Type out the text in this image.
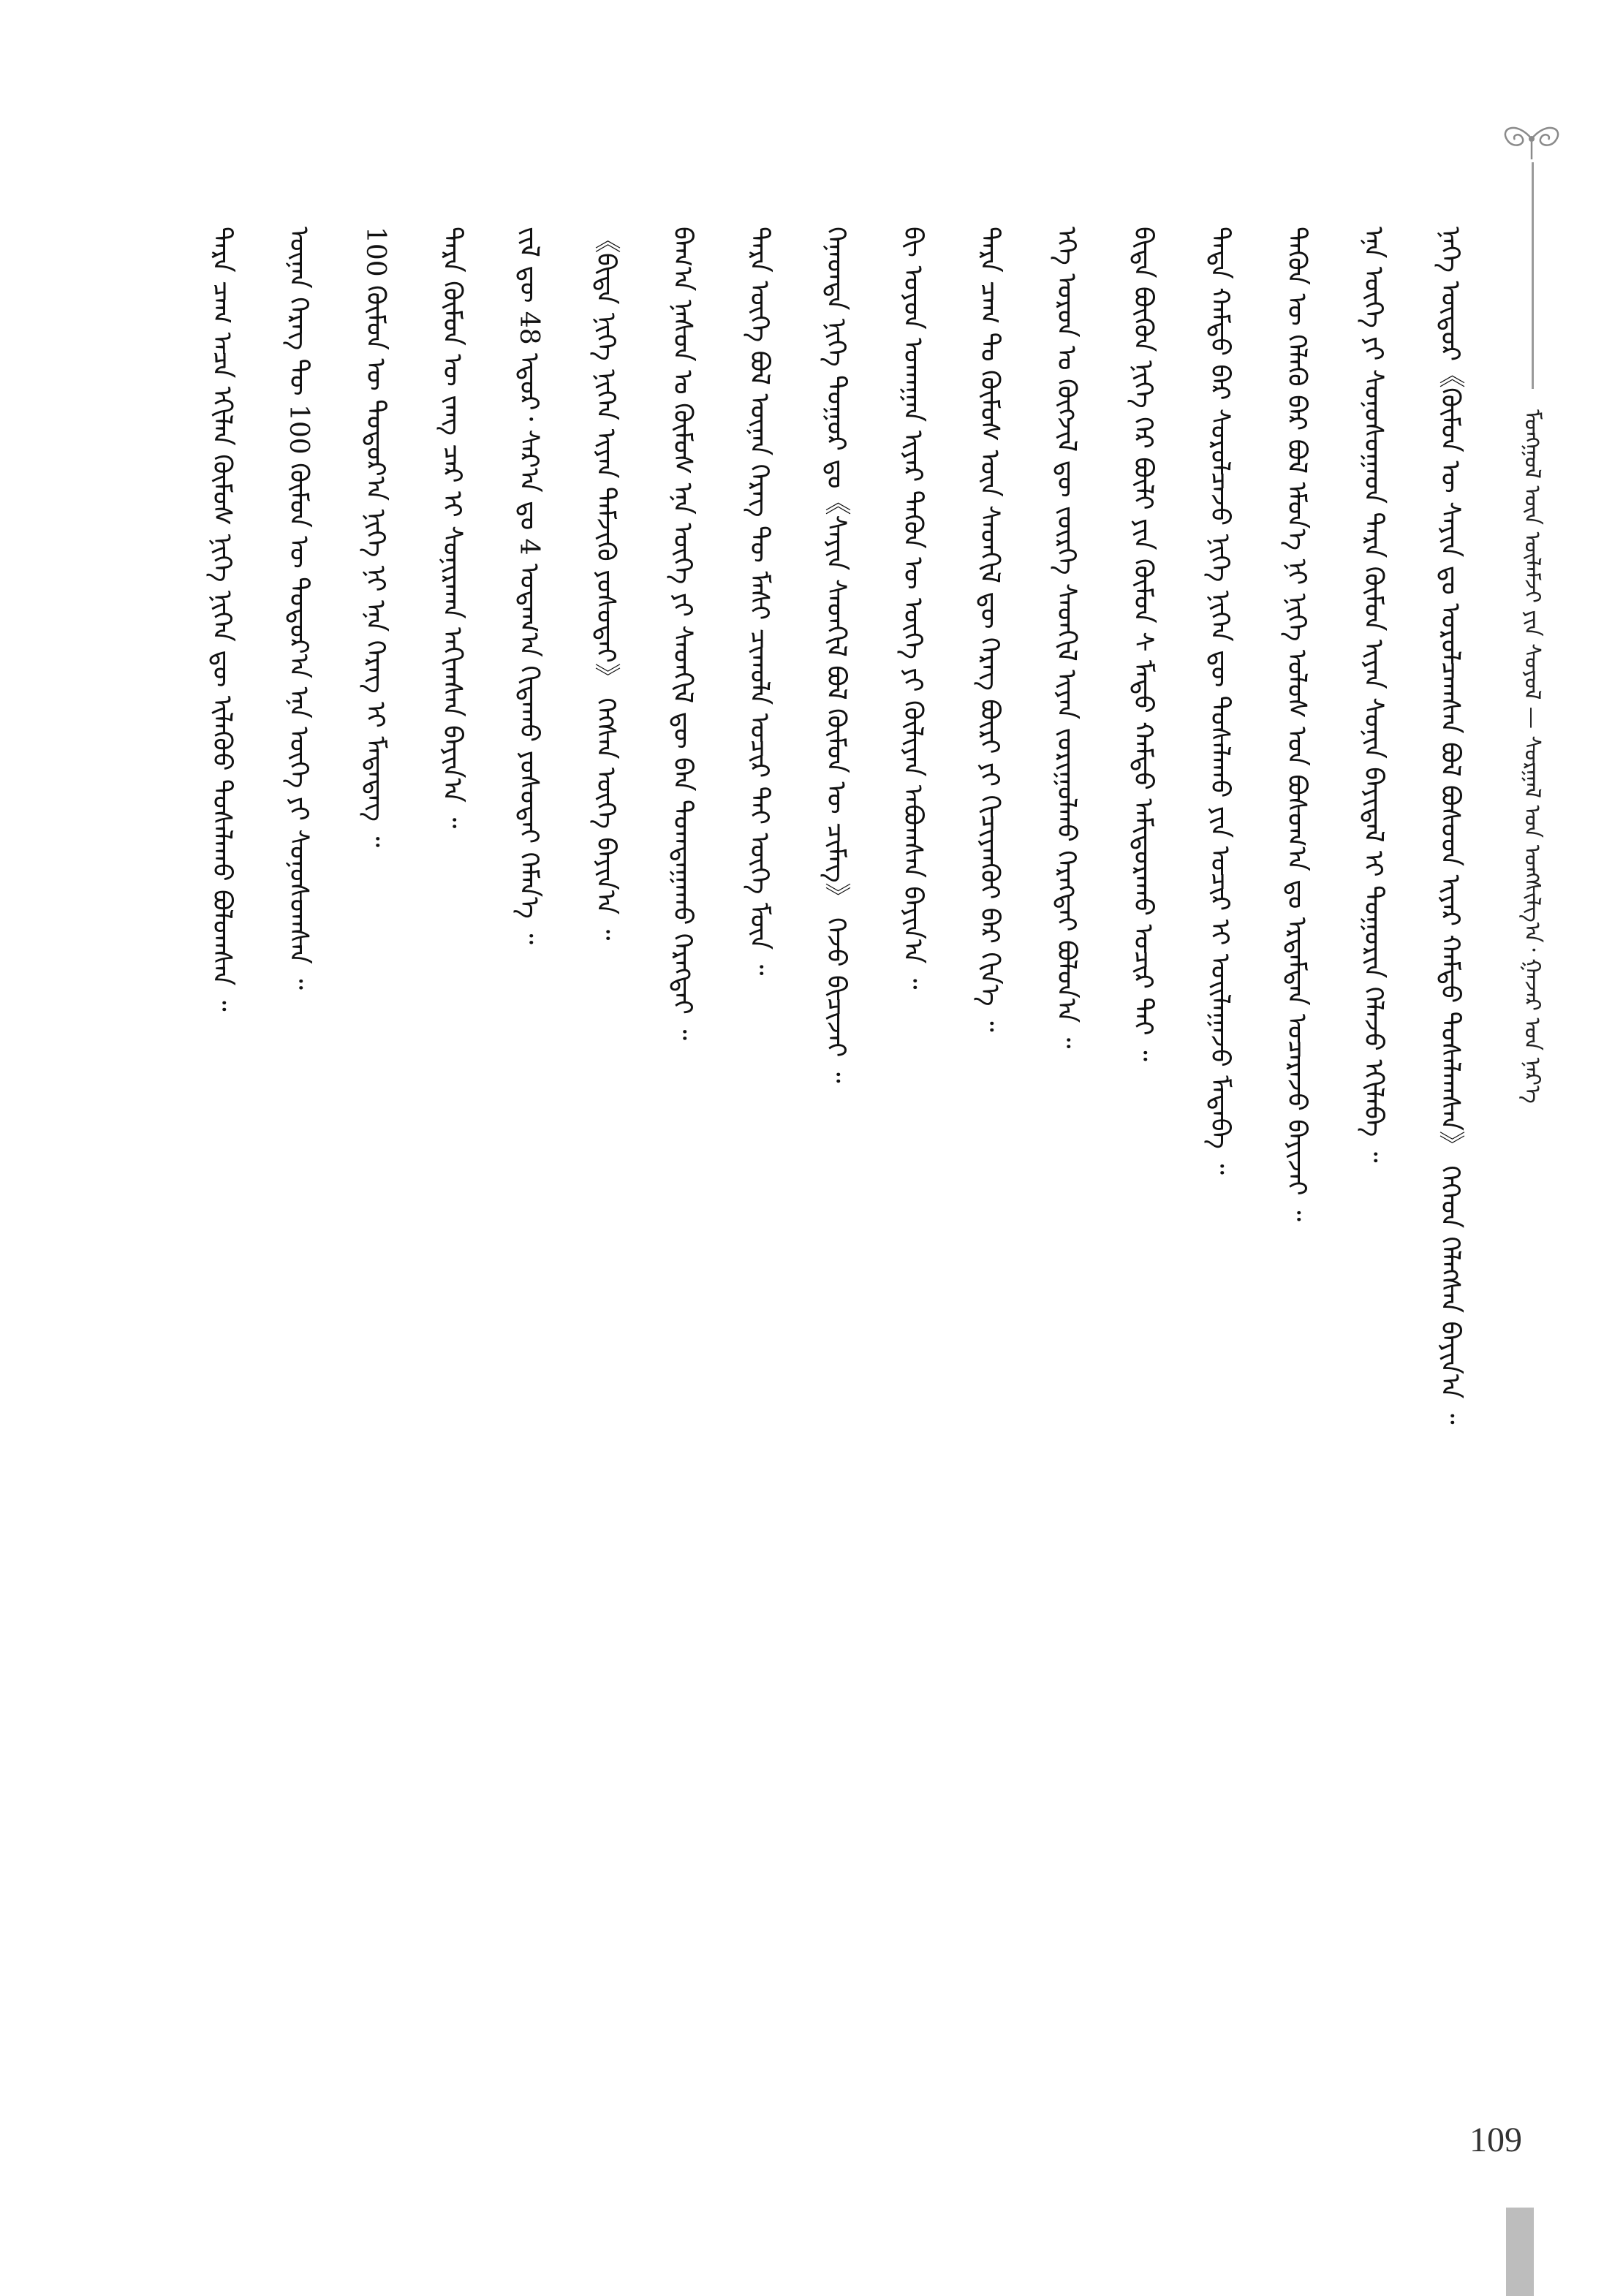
ᠮᠣᠩᠭᠣᠯ ᠦᠨ ᠦᠯᠡᠮᠵᠢ ᠶᠢᠨ ᠰᠣᠶᠣᠯ — ᠰᠤᠷᠭᠠᠯ ᠤᠨ ᠤᠩᠰᠢᠯᠭ᠎ᠠ᠂ ᠭᠠᠵᠠᠷ ᠤᠨ ᠨᠡᠷ᠎ᠡ
ᠨᠡᠭᠡ ᠦᠳᠦᠷ《ᠬᠦᠮᠦᠨ ᠦ ᠰᠠᠶᠢᠨ ᠳᠤ ᠤᠷᠤᠯᠴᠠᠭᠰᠠᠨ ᠪᠣᠯ ᠪᠤᠰᠤᠳ ᠢᠶᠠᠷ ᠬᠠᠮᠳᠤ ᠲᠤᠰᠠᠯᠠᠭᠰᠠᠨ》 ᠭᠡᠭᠡᠳ ᠬᠡᠯᠡᠭᠰᠡᠨ ᠪᠠᠶᠢᠨ᠎ᠠ ᠃
ᠡᠨᠡ ᠦᠭᠡ ᠶᠢ ᠰᠣᠨᠣᠰᠣᠭᠠᠳ ᠲᠡᠷᠡ ᠬᠦᠮᠦᠨ ᠢᠶᠡᠨ ᠰᠣᠨᠢᠨ ᠪᠠᠶᠢᠳᠠᠯ ᠢ ᠲᠣᠭᠣᠷᠢᠨ ᠬᠡᠯᠡᠵᠦ ᠡᠬᠢᠯᠡᠪᠡ ᠃
ᠲᠡᠭᠦᠨ ᠦ ᠬᠡᠯᠡᠬᠦ ᠪᠡᠷ ᠪᠣᠯ ᠡᠮᠦᠨ᠎ᠡ ᠨᠢ ᠨᠢᠭᠡ ᠤᠯᠤᠰ ᠤᠨ ᠪᠣᠰᠣᠭ᠎ᠠ ᠳᠤ ᠡᠷᠳᠡᠮᠳᠡᠨ ᠤᠴᠠᠷᠠᠵᠤ ᠪᠠᠶᠢᠵᠠᠢ ᠃
ᠲᠡᠳᠡ ᠬᠠᠮᠲᠤ ᠪᠡᠷ ᠰᠤᠷᠤᠯᠴᠠᠵᠤ ᠨᠢᠭᠡ ᠨᠢᠭᠡᠨ ᠳᠦ ᠲᠤᠰᠠᠯᠠᠬᠤ ᠶᠢᠨ ᠤᠴᠢᠷ ᠢ ᠣᠢᠯᠠᠭᠠᠵᠤ ᠮᠡᠳᠡᠪᠡ ᠃
ᠪᠢᠳᠡ ᠪᠦᠬᠦᠨ ᠨᠢᠭᠡ ᠭᠡᠷ ᠪᠦᠯᠢ ᠶᠢᠨ ᠬᠦᠮᠦᠨ ᠰ ᠮᠡᠲᠦ ᠬᠠᠮᠲᠤ ᠠᠮᠢᠳᠤᠷᠠᠬᠤ ᠤᠴᠢᠷ ᠲᠠᠢ ᠃
ᠡᠬᠡ ᠣᠷᠣᠨ ᠤ ᠬᠥᠭᠵᠢᠯ ᠳᠦ ᠵᠦᠷᠬᠡ ᠰᠡᠳᠬᠢᠯ ᠢᠶᠡᠨ ᠵᠣᠷᠢᠭᠤᠯᠬᠤ ᠬᠡᠷᠡᠭᠲᠡᠶ ᠪᠣᠯᠤᠨ᠎ᠠ ᠃
ᠲᠡᠷᠡ ᠴᠠᠭ ᠲᠤ ᠬᠦᠮᠦᠰ ᠦᠨ ᠰᠡᠳᠬᠢᠯ ᠳᠦ ᠬᠡᠷᠡᠭ ᠪᠦᠷᠢ ᠶᠢ ᠬᠢᠴᠢᠶᠡᠨᠭᠦᠢ ᠪᠡᠷ ᠬᠢᠨ᠎ᠡ ᠃
ᠪᠢ ᠤᠶᠤᠨ ᠤᠬᠠᠭᠠᠨ ᠢᠶᠠᠷ ᠲᠡᠭᠦᠨ ᠦ ᠦᠭᠡ ᠶᠢ ᠬᠦᠯᠢᠶᠡᠨ ᠠᠪᠤᠭᠰᠠᠨ ᠪᠠᠶᠢᠨ᠎ᠠ ᠃
ᠭᠡᠨᠡᠳᠲᠡ ᠨᠢᠭᠡ ᠳᠤᠭᠤᠷ ᠳᠤ《ᠰᠠᠶᠢᠨ ᠰᠡᠳᠬᠢᠯ ᠪᠣᠯ ᠬᠦᠮᠦᠨ ᠦ ᠴᠢᠮᠡᠭ》 ᠭᠡᠵᠦ ᠪᠢᠴᠢᠵᠡᠢ ᠃
ᠲᠡᠷᠡ ᠦᠭᠡ ᠪᠣᠯ ᠦᠨᠡᠨ ᠬᠡᠷᠡᠭ ᠲᠦ ᠮᠠᠰᠢ ᠴᠢᠬᠤᠯᠠ ᠤᠴᠢᠷ ᠲᠠᠢ ᠦᠭᠡ ᠮᠥᠨ ᠃
ᠪᠠᠭ᠎ᠠ ᠨᠠᠰᠤᠨ ᠤ ᠬᠦᠮᠦᠰ ᠡᠨᠡ ᠦᠭᠡ ᠶᠢ ᠰᠡᠳᠬᠢᠯ ᠳᠦ ᠪᠠᠨ ᠲᠣᠭᠲᠠᠭᠠᠬᠤ ᠬᠡᠷᠡᠭᠲᠡᠢ ᠃
《ᠪᠢᠳᠡ ᠨᠢᠭᠡ ᠨᠢᠭᠡᠨ ᠢᠶᠡᠨ ᠳᠡᠮᠵᠢᠬᠦ ᠶᠣᠰᠣᠲᠠᠢ》 ᠭᠡᠭᠰᠡᠨ ᠦᠭᠡ ᠪᠠᠶᠢᠨ᠎ᠠ ᠃
ᠵᠢᠯ ᠳᠦ 48 ᠡᠳᠦᠷ᠂ ᠰᠠᠷ᠎ᠠ ᠳᠤ 4 ᠤᠳᠠᠭ᠎ᠠ ᠬᠢᠳᠠᠬᠤ ᠶᠣᠰᠣᠲᠠᠢ ᠬᠡᠮᠡᠨ᠎ᠡ ᠃
ᠲᠡᠷᠡ ᠬᠦᠮᠦᠨ ᠦ ᠵᠠᠩ ᠴᠠᠷ ᠢ ᠰᠣᠨᠢᠷᠬᠠᠨ ᠠᠬᠢᠭᠰᠠᠨ ᠪᠠᠶᠢᠨ᠎ᠠ ᠃
100 ᠬᠦᠮᠦᠨ ᠦ ᠳᠤᠳᠤᠷ᠎ᠠ ᠨᠢᠭᠡ ᠨᠢ ᠡᠨᠡ ᠬᠡᠷᠡᠭ ᠢ ᠮᠡᠳᠡᠳᠡᠭ ᠃
ᠦᠨᠡᠨ ᠬᠡᠷᠡᠭ ᠲᠦ 100 ᠬᠦᠮᠦᠨ ᠦ ᠳᠣᠲᠣᠷ᠎ᠠ ᠡᠨᠡ ᠦᠭᠡ ᠶᠢ ᠰᠣᠨᠣᠰᠤᠭᠰᠠᠨ ᠃
ᠲᠡᠷᠡ ᠴᠠᠭ ᠠᠴᠠ ᠡᠬᠢᠯᠡᠨ ᠬᠦᠮᠦᠰ ᠨᠢᠭᠡ ᠨᠢᠭᠡᠨ ᠳᠦ ᠢᠯᠡᠭᠦᠦ ᠲᠤᠰᠠᠯᠠᠬᠤ ᠪᠣᠯᠤᠭᠰᠠᠨ ᠃
109
